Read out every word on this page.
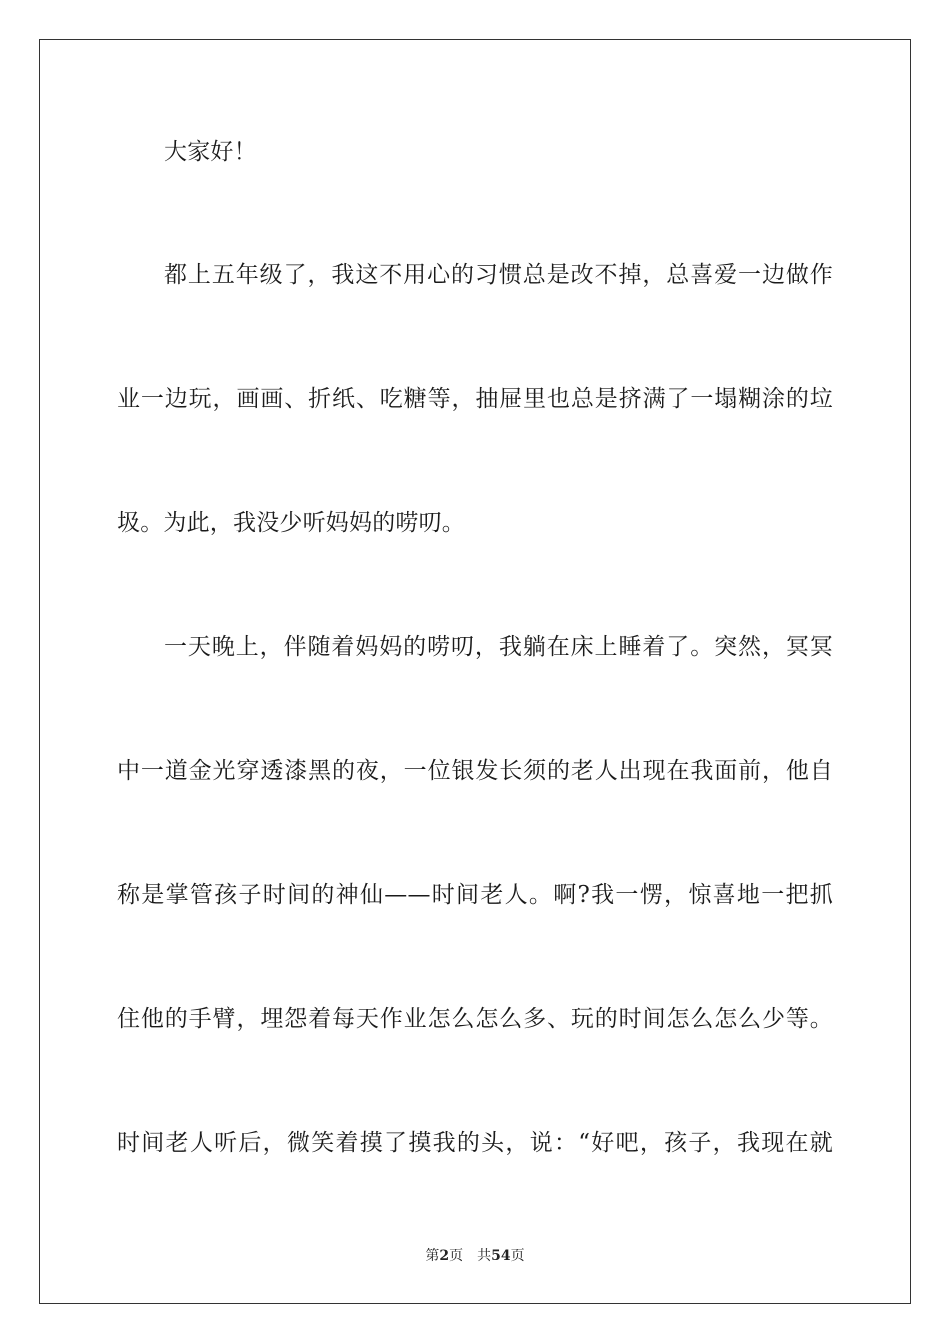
大家好！
都上五年级了，我这不用心的习惯总是改不掉，总喜爱一边做作
业一边玩，画画、折纸、吃糖等，抽屉里也总是挤满了一塌糊涂的垃
圾。为此，我没少听妈妈的唠叨。
一天晚上，伴随着妈妈的唠叨，我躺在床上睡着了。突然，冥冥
中一道金光穿透漆黑的夜，一位银发长须的老人出现在我面前，他自
称是掌管孩子时间的神仙——时间老人。啊?我一愣，惊喜地一把抓
住他的手臂，埋怨着每天作业怎么怎么多、玩的时间怎么怎么少等。
时间老人听后，微笑着摸了摸我的头，说：“好吧，孩子，我现在就
第2页 共54页
